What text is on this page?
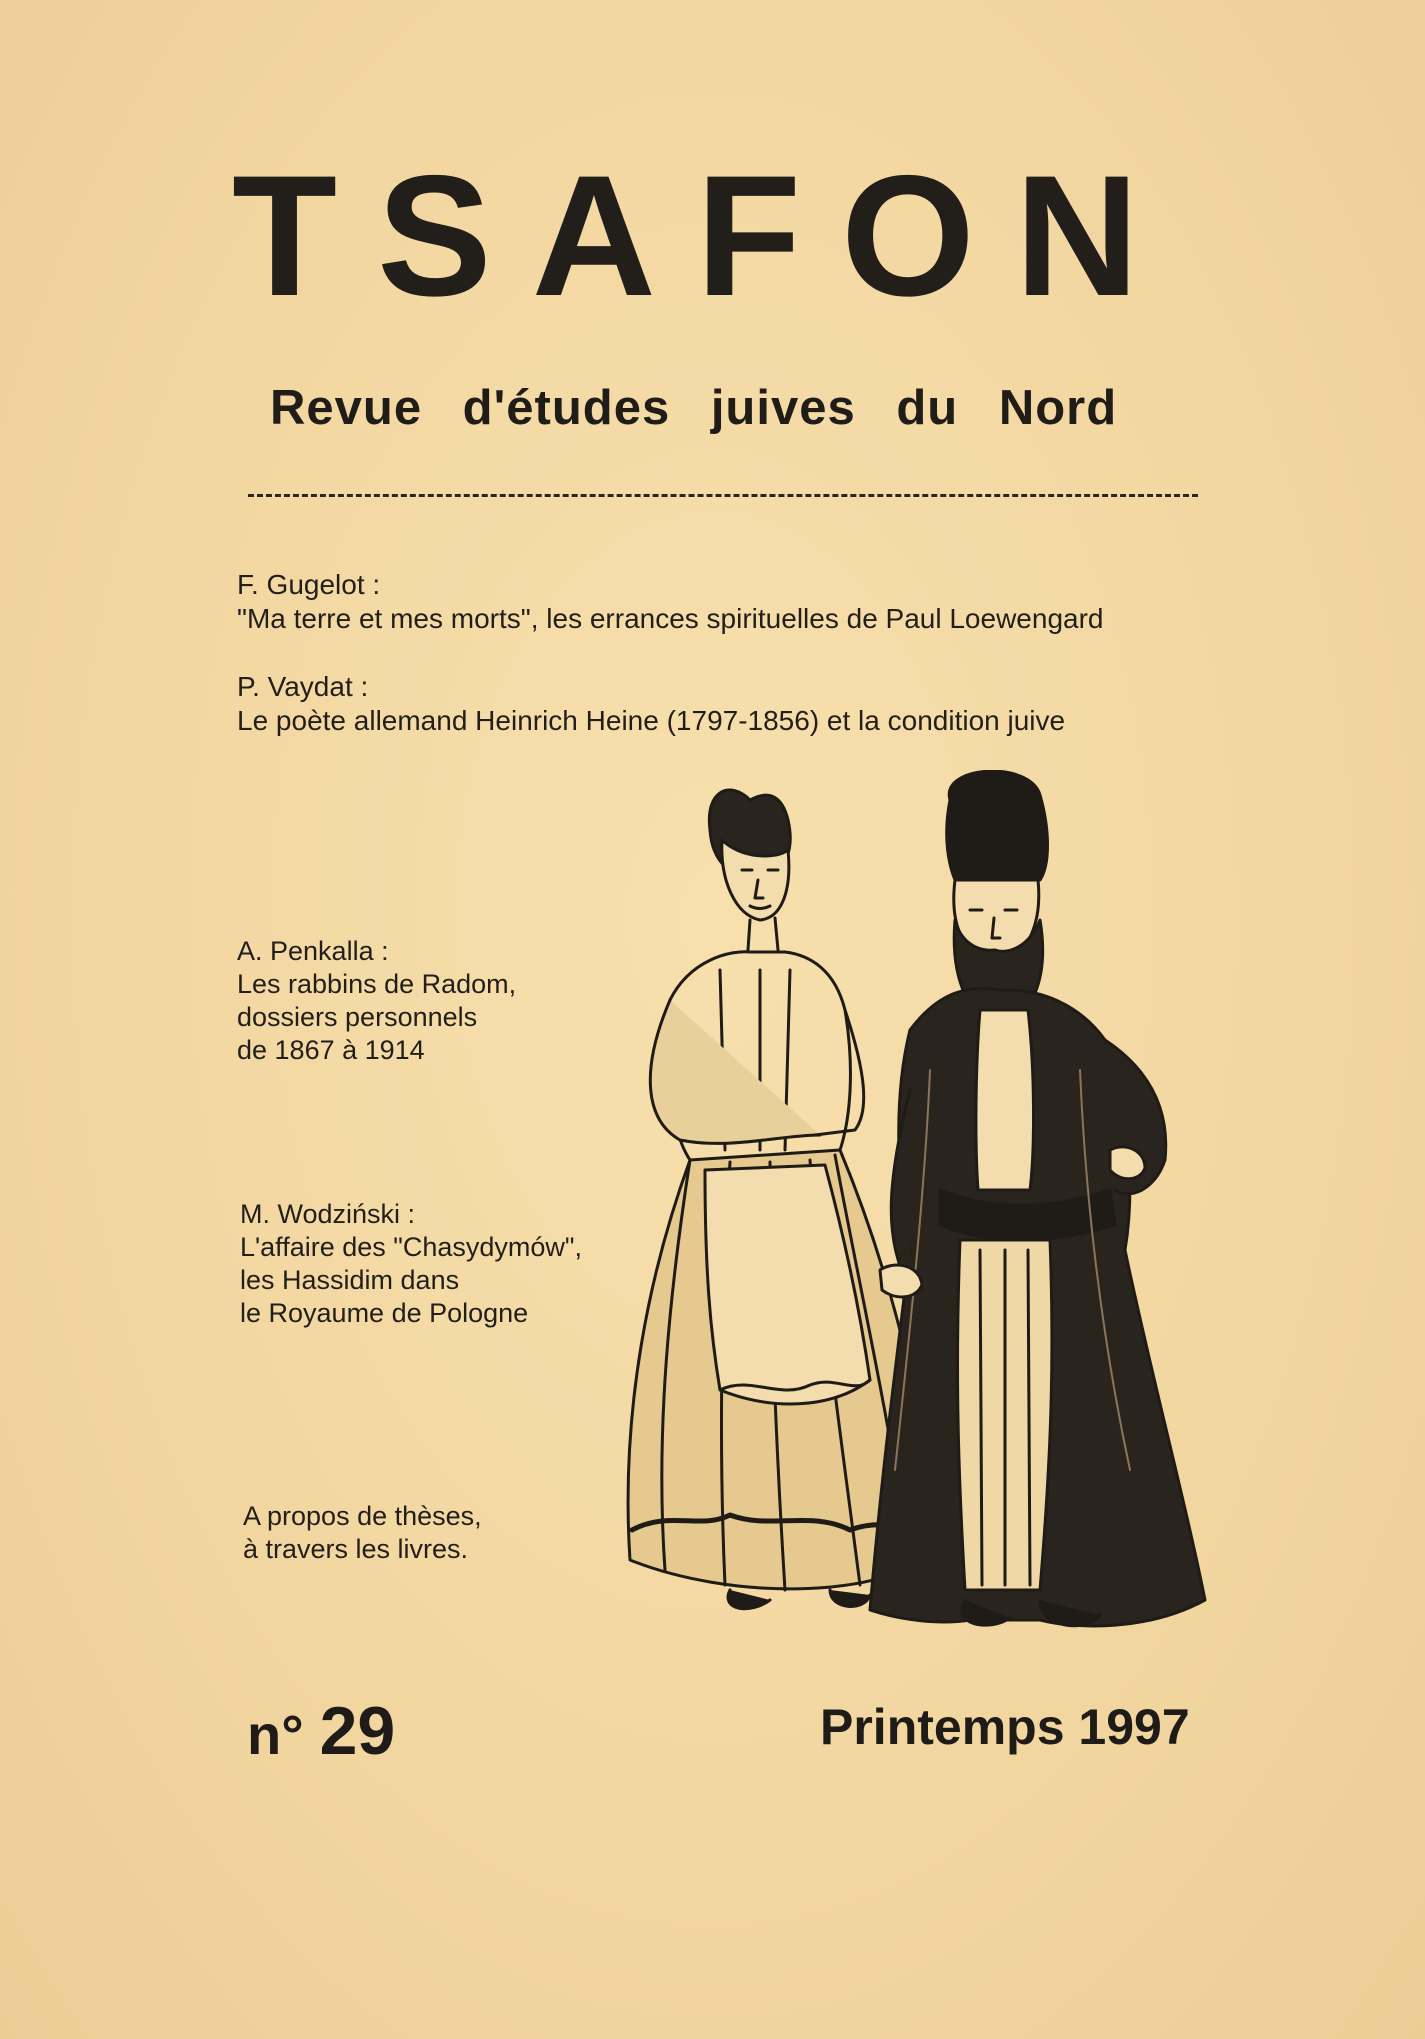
TSAFON
Revue d'études juives du Nord
F. Gugelot :
"Ma terre et mes morts", les errances spirituelles de Paul Loewengard
P. Vaydat :
Le poète allemand Heinrich Heine (1797-1856) et la condition juive
A. Penkalla :
Les rabbins de Radom,
dossiers personnels
de 1867 à 1914
M. Wodziński :
L'affaire des "Chasydymów",
les Hassidim dans
le Royaume de Pologne
A propos de thèses,
à travers les livres.
n° 29	Printemps 1997
